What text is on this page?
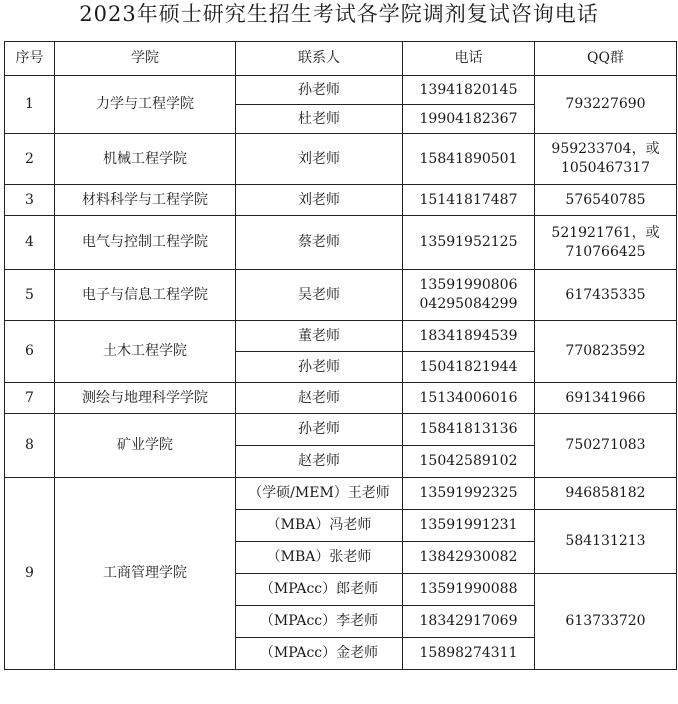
2023年硕士研究生招生考试各学院调剂复试咨询电话
序号	学院	联系人	电话	QQ群
1	力学与工程学院	孙老师	13941820145	793227690
		杜老师	19904182367	
2	机械工程学院	刘老师	15841890501	959233704，或
1050467317
3	材料科学与工程学院	刘老师	15141817487	576540785
4	电气与控制工程学院	蔡老师	13591952125	521921761，或
710766425
5	电子与信息工程学院	吴老师	13591990806
04295084299	617435335
6	土木工程学院	董老师	18341894539	770823592
		孙老师	15041821944	
7	测绘与地理科学学院	赵老师	15134006016	691341966
8	矿业学院	孙老师	15841813136	750271083
		赵老师	15042589102	
9	工商管理学院	（学硕/MEM）王老师	13591992325	946858182
		（MBA）冯老师	13591991231	584131213
		（MBA）张老师	13842930082	
		（MPAcc）郎老师	13591990088	613733720
		（MPAcc）李老师	18342917069	
		（MPAcc）金老师	15898274311	
